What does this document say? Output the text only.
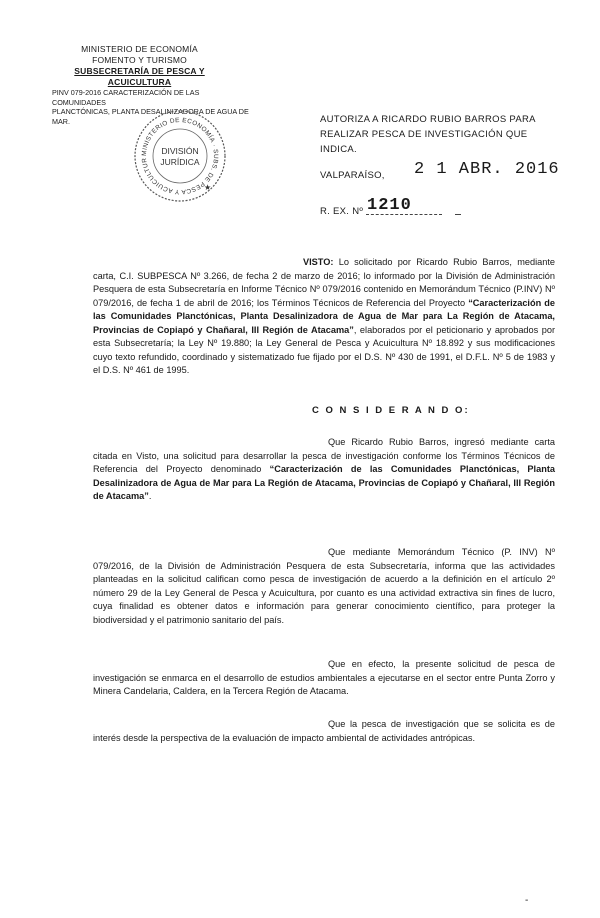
MINISTERIO DE ECONOMÍA
FOMENTO Y TURISMO
SUBSECRETARÍA DE PESCA Y ACUICULTURA
PINV 079-2016 CARACTERIZACIÓN DE LAS COMUNIDADES
PLANCTÓNICAS, PLANTA DESALINIZADORA DE AGUA DE MAR.
MINISTERIO DE ECONOMÍA · SUBS. DE PESCA Y ACUICULTUR
DIVISIÓN
JURÍDICA
★
AUTORIZA A RICARDO RUBIO BARROS PARA
REALIZAR PESCA DE INVESTIGACIÓN QUE INDICA.
VALPARAÍSO, 2 1 ABR. 2016
R. EX. Nº 1210
VISTO: Lo solicitado por Ricardo Rubio Barros, mediante carta, C.I. SUBPESCA Nº 3.266, de fecha 2 de marzo de 2016; lo informado por la División de Administración Pesquera de esta Subsecretaría en Informe Técnico Nº 079/2016 contenido en Memorándum Técnico (P.INV) Nº 079/2016, de fecha 1 de abril de 2016; los Términos Técnicos de Referencia del Proyecto “Caracterización de las Comunidades Planctónicas, Planta Desalinizadora de Agua de Mar para La Región de Atacama, Provincias de Copiapó y Chañaral, III Región de Atacama”, elaborados por el peticionario y aprobados por esta Subsecretaría; la Ley Nº 19.880; la Ley General de Pesca y Acuicultura Nº 18.892 y sus modificaciones cuyo texto refundido, coordinado y sistematizado fue fijado por el D.S. Nº 430 de 1991, el D.F.L. Nº 5 de 1983 y el D.S. Nº 461 de 1995.
C O N S I D E R A N D O:
Que Ricardo Rubio Barros, ingresó mediante carta citada en Visto, una solicitud para desarrollar la pesca de investigación conforme los Términos Técnicos de Referencia del Proyecto denominado “Caracterización de las Comunidades Planctónicas, Planta Desalinizadora de Agua de Mar para La Región de Atacama, Provincias de Copiapó y Chañaral, III Región de Atacama”.
Que mediante Memorándum Técnico (P. INV) Nº 079/2016, de la División de Administración Pesquera de esta Subsecretaría, informa que las actividades planteadas en la solicitud califican como pesca de investigación de acuerdo a la definición en el artículo 2º número 29 de la Ley General de Pesca y Acuicultura, por cuanto es una actividad extractiva sin fines de lucro, cuya finalidad es obtener datos e información para generar conocimiento científico, para proteger la biodiversidad y el patrimonio sanitario del país.
Que en efecto, la presente solicitud de pesca de investigación se enmarca en el desarrollo de estudios ambientales a ejecutarse en el sector entre Punta Zorro y Minera Candelaria, Caldera, en la Tercera Región de Atacama.
Que la pesca de investigación que se solicita es de interés desde la perspectiva de la evaluación de impacto ambiental de actividades antrópicas.
-
